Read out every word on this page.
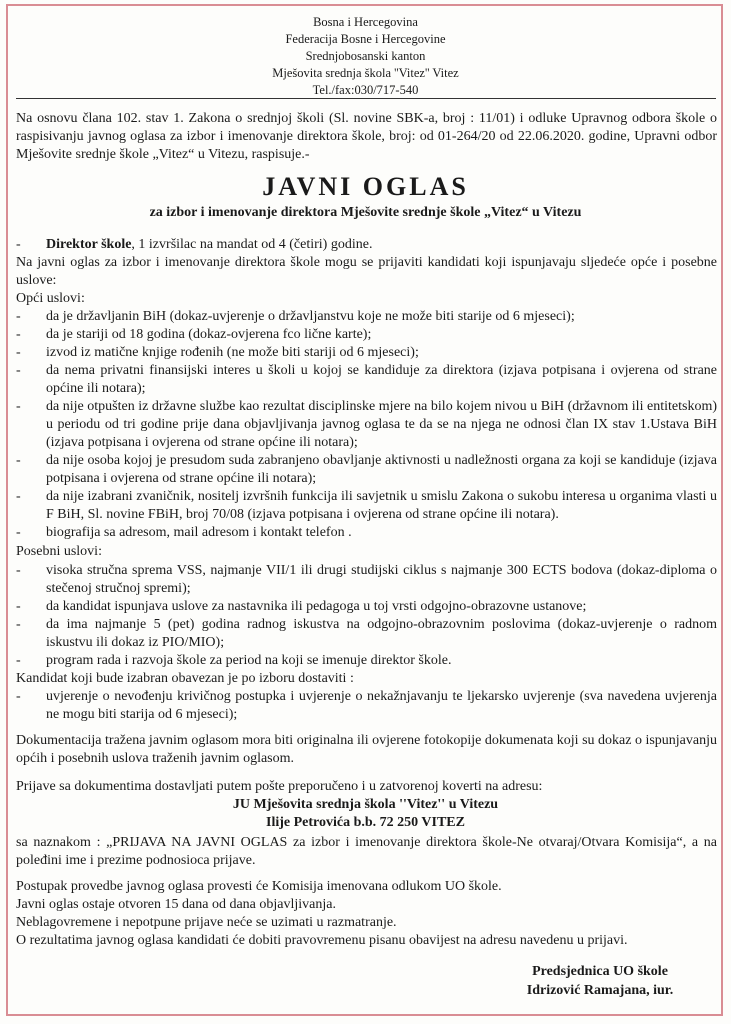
Bosna i Hercegovina
Federacija Bosne i Hercegovine
Srednjobosanski kanton
Mješovita srednja škola ''Vitez'' Vitez
Tel./fax:030/717-540
Na osnovu člana 102. stav 1. Zakona o srednjoj školi (Sl. novine SBK-a, broj : 11/01) i odluke Upravnog odbora škole o raspisivanju javnog oglasa za izbor i imenovanje direktora škole, broj: od 01-264/20 od 22.06.2020. godine, Upravni odbor Mješovite srednje škole „Vitez“ u Vitezu, raspisuje.-
JAVNI OGLAS
za izbor i imenovanje direktora Mješovite srednje škole „Vitez“ u Vitezu
- Direktor škole, 1 izvršilac na mandat od 4 (četiri) godine.
Na javni oglas za izbor i imenovanje direktora škole mogu se prijaviti kandidati koji ispunjavaju sljedeće opće i posebne uslove:
Opći uslovi:
- da je državljanin BiH (dokaz-uvjerenje o državljanstvu koje ne može biti starije od 6 mjeseci);
- da je stariji od 18 godina (dokaz-ovjerena fco lične karte);
- izvod iz matične knjige rođenih (ne može biti stariji od 6 mjeseci);
- da nema privatni finansijski interes u školi u kojoj se kandiduje za direktora (izjava potpisana i ovjerena od strane općine ili notara);
- da nije otpušten iz državne službe kao rezultat disciplinske mjere na bilo kojem nivou u BiH (državnom ili entitetskom) u periodu od tri godine prije dana objavljivanja javnog oglasa te da se na njega ne odnosi član IX stav 1.Ustava BiH (izjava potpisana i ovjerena od strane općine ili notara);
- da nije osoba kojoj je presudom suda zabranjeno obavljanje aktivnosti u nadležnosti organa za koji se kandiduje (izjava potpisana i ovjerena od strane općine ili notara);
- da nije izabrani zvaničnik, nositelj izvršnih funkcija ili savjetnik u smislu Zakona o sukobu interesa u organima vlasti u F BiH, Sl. novine FBiH, broj 70/08 (izjava potpisana i ovjerena od strane općine ili notara).
- biografija sa adresom, mail adresom i kontakt telefon .
Posebni uslovi:
- visoka stručna sprema VSS, najmanje VII/1 ili drugi studijski ciklus s najmanje 300 ECTS bodova (dokaz-diploma o stečenoj stručnoj spremi);
- da kandidat ispunjava uslove za nastavnika ili pedagoga u toj vrsti odgojno-obrazovne ustanove;
- da ima najmanje 5 (pet) godina radnog iskustva na odgojno-obrazovnim poslovima (dokaz-uvjerenje o radnom iskustvu ili dokaz iz PIO/MIO);
- program rada i razvoja škole za period na koji se imenuje direktor škole.
Kandidat koji bude izabran obavezan je po izboru dostaviti :
- uvjerenje o nevođenju krivičnog postupka i uvjerenje o nekažnjavanju te ljekarsko uvjerenje (sva navedena uvjerenja ne mogu biti starija od 6 mjeseci);
Dokumentacija tražena javnim oglasom mora biti originalna ili ovjerene fotokopije dokumenata koji su dokaz o ispunjavanju općih i posebnih uslova traženih javnim oglasom.
Prijave sa dokumentima dostavljati putem pošte preporučeno i u zatvorenoj koverti na adresu:
JU Mješovita srednja škola ''Vitez'' u Vitezu
Ilije Petrovića b.b. 72 250 VITEZ
sa naznakom : „PRIJAVA NA JAVNI OGLAS za izbor i imenovanje direktora škole-Ne otvaraj/Otvara Komisija“, a na poleđini ime i prezime podnosioca prijave.
Postupak provedbe javnog oglasa provesti će Komisija imenovana odlukom UO škole.
Javni oglas ostaje otvoren 15 dana od dana objavljivanja.
Neblagovremene i nepotpune prijave neće se uzimati u razmatranje.
O rezultatima javnog oglasa kandidati će dobiti pravovremenu pisanu obavijest na adresu navedenu u prijavi.
Predsjednica UO škole
Idrizović Ramajana, iur.
